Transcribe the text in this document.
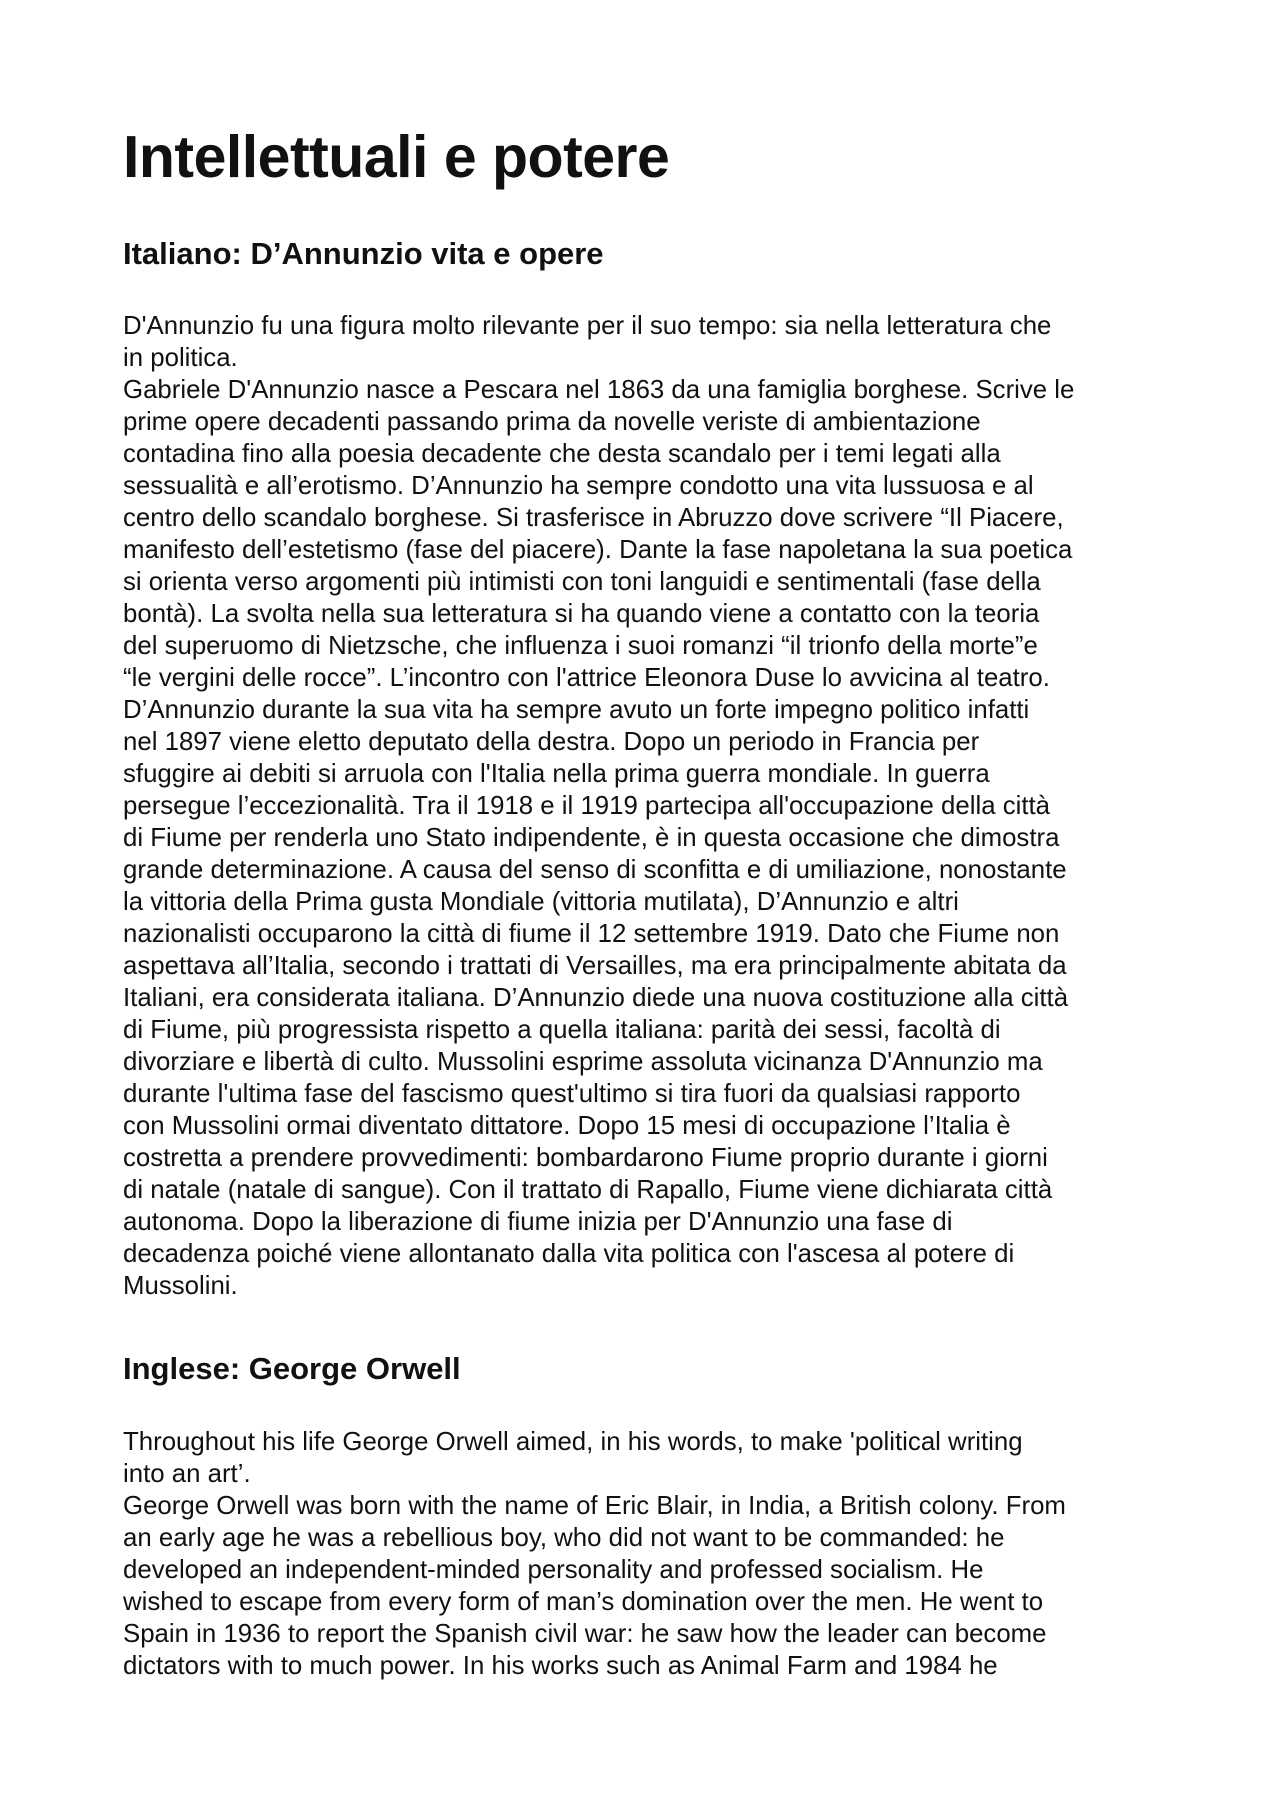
Intellettuali e potere
Italiano: D’Annunzio vita e opere
D'Annunzio fu una figura molto rilevante per il suo tempo: sia nella letteratura che
in politica.
Gabriele D'Annunzio nasce a Pescara nel 1863 da una famiglia borghese. Scrive le
prime opere decadenti passando prima da novelle veriste di ambientazione
contadina fino alla poesia decadente che desta scandalo per i temi legati alla
sessualità e all’erotismo. D’Annunzio ha sempre condotto una vita lussuosa e al
centro dello scandalo borghese. Si trasferisce in Abruzzo dove scrivere “Il Piacere,
manifesto dell’estetismo (fase del piacere). Dante la fase napoletana la sua poetica
si orienta verso argomenti più intimisti con toni languidi e sentimentali (fase della
bontà). La svolta nella sua letteratura si ha quando viene a contatto con la teoria
del superuomo di Nietzsche, che influenza i suoi romanzi “il trionfo della morte”e
“le vergini delle rocce”. L’incontro con l'attrice Eleonora Duse lo avvicina al teatro.
D’Annunzio durante la sua vita ha sempre avuto un forte impegno politico infatti
nel 1897 viene eletto deputato della destra. Dopo un periodo in Francia per
sfuggire ai debiti si arruola con l'Italia nella prima guerra mondiale. In guerra
persegue l’eccezionalità. Tra il 1918 e il 1919 partecipa all'occupazione della città
di Fiume per renderla uno Stato indipendente, è in questa occasione che dimostra
grande determinazione. A causa del senso di sconfitta e di umiliazione, nonostante
la vittoria della Prima gusta Mondiale (vittoria mutilata), D’Annunzio e altri
nazionalisti occuparono la città di fiume il 12 settembre 1919. Dato che Fiume non
aspettava all’Italia, secondo i trattati di Versailles, ma era principalmente abitata da
Italiani, era considerata italiana. D’Annunzio diede una nuova costituzione alla città
di Fiume, più progressista rispetto a quella italiana: parità dei sessi, facoltà di
divorziare e libertà di culto. Mussolini esprime assoluta vicinanza D'Annunzio ma
durante l'ultima fase del fascismo quest'ultimo si tira fuori da qualsiasi rapporto
con Mussolini ormai diventato dittatore. Dopo 15 mesi di occupazione l’Italia è
costretta a prendere provvedimenti: bombardarono Fiume proprio durante i giorni
di natale (natale di sangue). Con il trattato di Rapallo, Fiume viene dichiarata città
autonoma. Dopo la liberazione di fiume inizia per D'Annunzio una fase di
decadenza poiché viene allontanato dalla vita politica con l'ascesa al potere di
Mussolini.
Inglese: George Orwell
Throughout his life George Orwell aimed, in his words, to make 'political writing
into an art’.
George Orwell was born with the name of Eric Blair, in India, a British colony. From
an early age he was a rebellious boy, who did not want to be commanded: he
developed an independent-minded personality and professed socialism. He
wished to escape from every form of man’s domination over the men. He went to
Spain in 1936 to report the Spanish civil war: he saw how the leader can become
dictators with to much power. In his works such as Animal Farm and 1984 he
